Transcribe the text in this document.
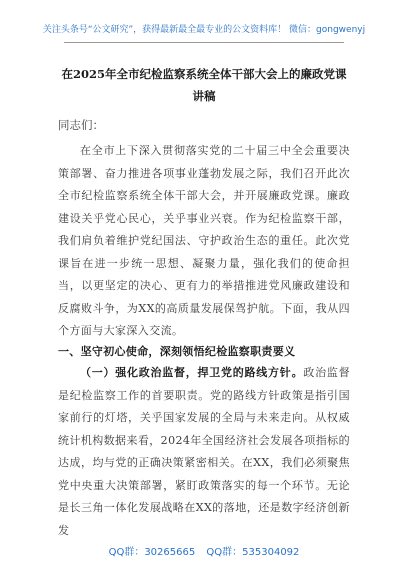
关注头条号“公文研究”，获得最新最全最专业的公文资料库！ 微信：gongwenyj
在2025年全市纪检监察系统全体干部大会上的廉政党课讲稿
同志们：
在全市上下深入贯彻落实党的二十届三中全会重要决策部署、奋力推进各项事业蓬勃发展之际，我们召开此次全市纪检监察系统全体干部大会，并开展廉政党课。廉政建设关乎党心民心，关乎事业兴衰。作为纪检监察干部，我们肩负着维护党纪国法、守护政治生态的重任。此次党课旨在进一步统一思想、凝聚力量，强化我们的使命担当，以更坚定的决心、更有力的举措推进党风廉政建设和反腐败斗争，为XX的高质量发展保驾护航。下面，我从四个方面与大家深入交流。
一、坚守初心使命，深刻领悟纪检监察职责要义
（一）强化政治监督，捍卫党的路线方针。政治监督是纪检监察工作的首要职责。党的路线方针政策是指引国家前行的灯塔，关乎国家发展的全局与未来走向。从权威统计机构数据来看，2024年全国经济社会发展各项指标的达成，均与党的正确决策紧密相关。在XX，我们必须聚焦党中央重大决策部署，紧盯政策落实的每一个环节。无论是长三角一体化发展战略在XX的落地，还是数字经济创新发
QQ群：30265665 QQ群：535304092
